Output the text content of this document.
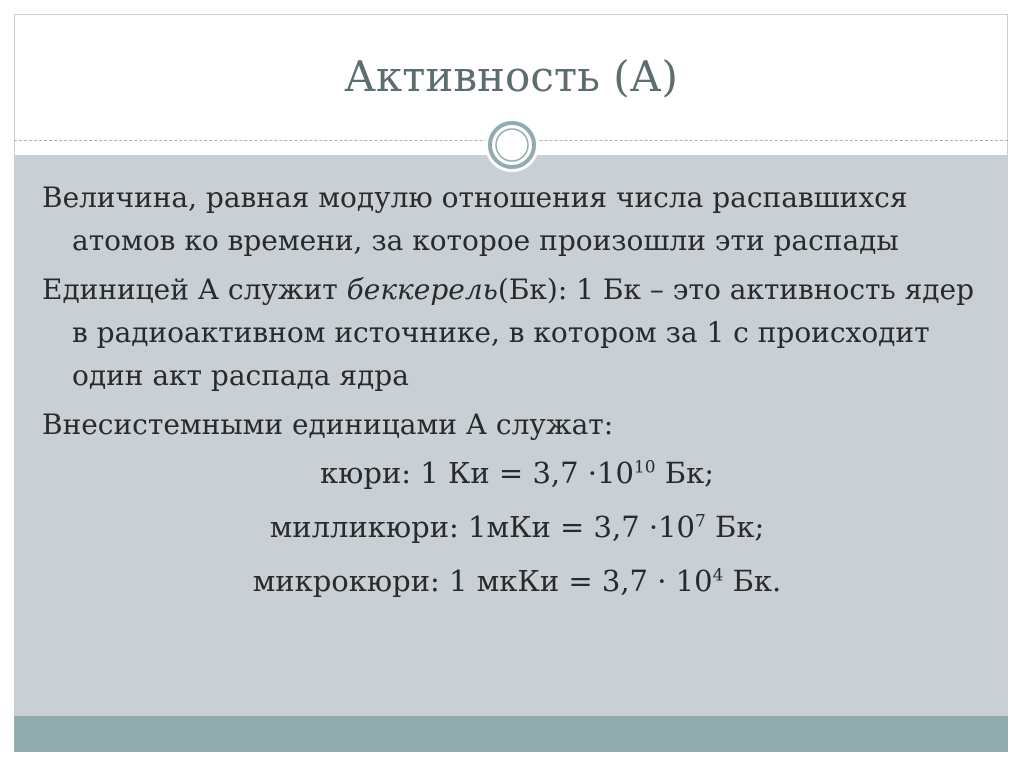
Активность (А)

Величина, равная модулю отношения числа распавшихся атомов ко времени, за которое произошли эти распады

Единицей А служит беккерель(Бк): 1 Бк – это активность ядер в радиоактивном источнике, в котором за 1 с происходит один акт распада ядра

Внесистемными единицами А служат:

кюри: 1 Ки = $3,7 \cdot 10^{10}$ Бк;
милликюри: $1мКи = 3,7 \cdot 10^7$ Бк;
микрокюри: 1 мкКи = $3,7 \cdot 10^4$ Бк.
